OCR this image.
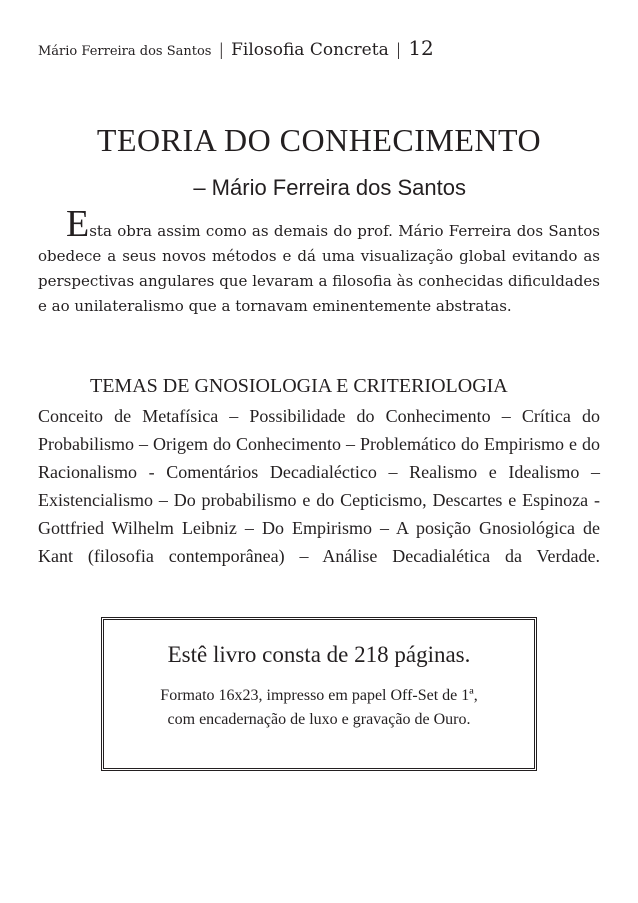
Mário Ferreira dos Santos | Filosofia Concreta | 12
TEORIA DO CONHECIMENTO
– Mário Ferreira dos Santos
Esta obra assim como as demais do prof. Mário Ferreira dos Santos obedece a seus novos métodos e dá uma visualização global evitando as perspectivas angulares que levaram a filosofia às conhecidas dificuldades e ao unilateralismo que a tornavam eminentemente abstratas.
TEMAS DE GNOSIOLOGIA E CRITERIOLOGIA
Conceito de Metafísica – Possibilidade do Conhecimento – Crítica do Probabilismo – Origem do Conhecimento – Problemático do Empirismo e do Racionalismo - Comentários Decadialéctico – Realismo e Idealismo – Existencialismo – Do probabilismo e do Cepticismo, Descartes e Espinoza - Gottfried Wilhelm Leibniz – Do Empirismo – A posição Gnosiológica de Kant (filosofia contemporânea) – Análise Decadialética da Verdade.
Estê livro consta de 218 páginas.
Formato 16x23, impresso em papel Off-Set de 1ª,
com encadernação de luxo e gravação de Ouro.
